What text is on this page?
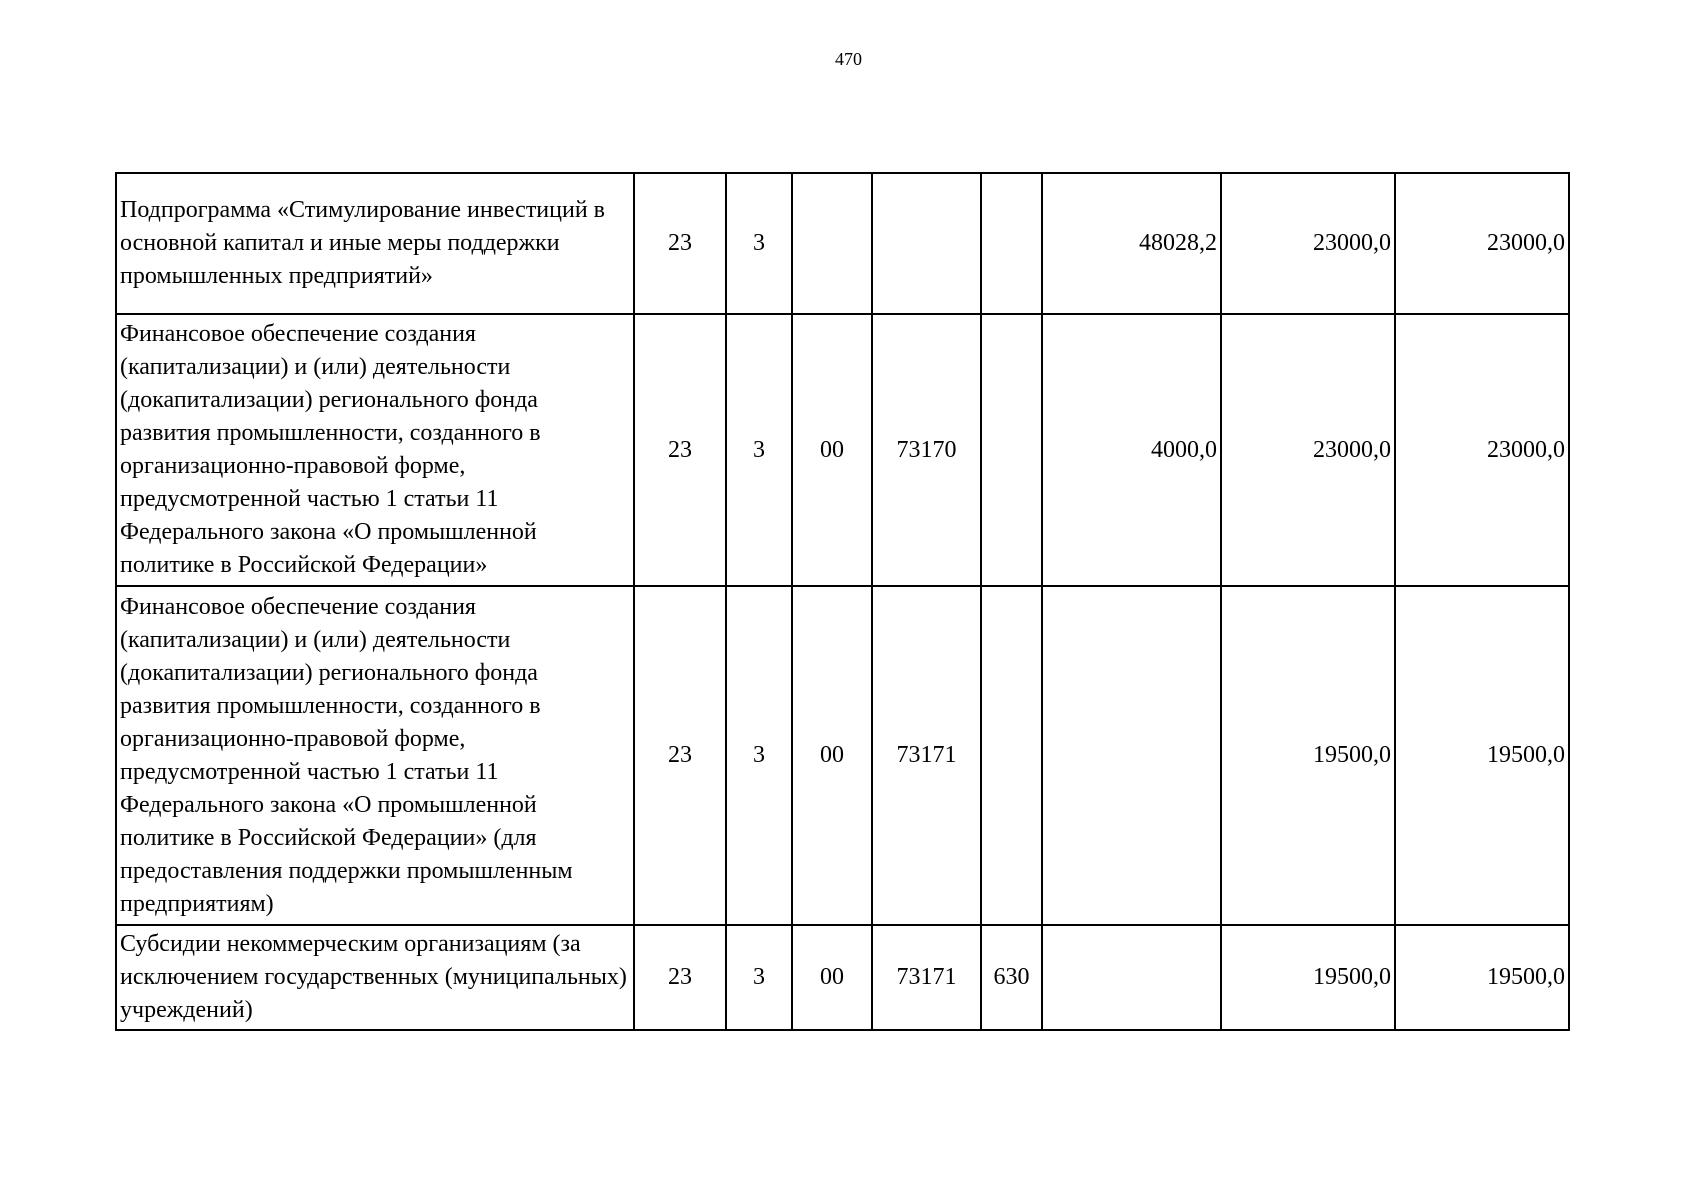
470
Подпрограмма «Стимулирование инвестиций в основной капитал и иные меры поддержки промышленных предприятий»	23	3				48028,2	23000,0	23000,0
Финансовое обеспечение создания (капитализации) и (или) деятельности (докапитализации) регионального фонда развития промышленности, созданного в организационно-правовой форме, предусмотренной частью 1 статьи 11 Федерального закона «О промышленной политике в Российской Федерации»	23	3	00	73170		4000,0	23000,0	23000,0
Финансовое обеспечение создания (капитализации) и (или) деятельности (докапитализации) регионального фонда развития промышленности, созданного в организационно-правовой форме, предусмотренной частью 1 статьи 11 Федерального закона «О промышленной политике в Российской Федерации» (для предоставления поддержки промышленным предприятиям)	23	3	00	73171			19500,0	19500,0
Субсидии некоммерческим организациям (за исключением государственных (муниципальных) учреждений)	23	3	00	73171	630		19500,0	19500,0
